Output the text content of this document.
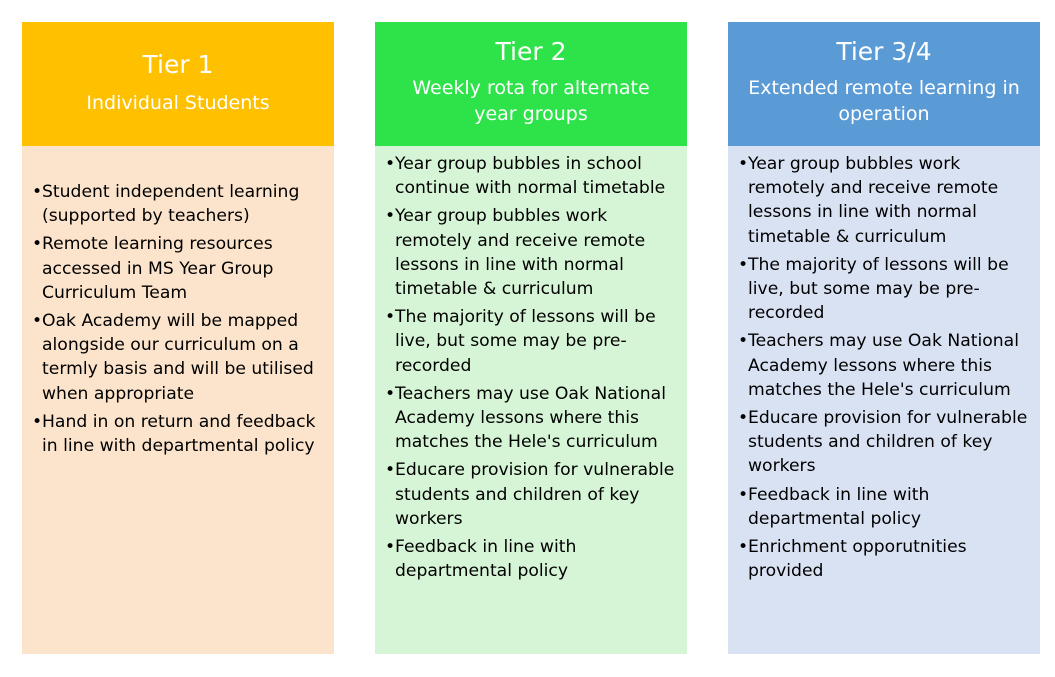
Tier 1
Individual Students
• Student independent learning (supported by teachers)
• Remote learning resources accessed in MS Year Group Curriculum Team
• Oak Academy will be mapped alongside our curriculum on a termly basis and will be utilised when appropriate
• Hand in on return and feedback in line with departmental policy
Tier 2
Weekly rota for alternate year groups
• Year group bubbles in school continue with normal timetable
• Year group bubbles work remotely and receive remote lessons in line with normal timetable & curriculum
• The majority of lessons will be live, but some may be pre-recorded
• Teachers may use Oak National Academy lessons where this matches the Hele's curriculum
• Educare provision for vulnerable students and children of key workers
• Feedback in line with departmental policy
Tier 3/4
Extended remote learning in operation
• Year group bubbles work remotely and receive remote lessons in line with normal timetable & curriculum
• The majority of lessons will be live, but some may be pre-recorded
• Teachers may use Oak National Academy lessons where this matches the Hele's curriculum
• Educare provision for vulnerable students and children of key workers
• Feedback in line with departmental policy
• Enrichment opporutnities provided
